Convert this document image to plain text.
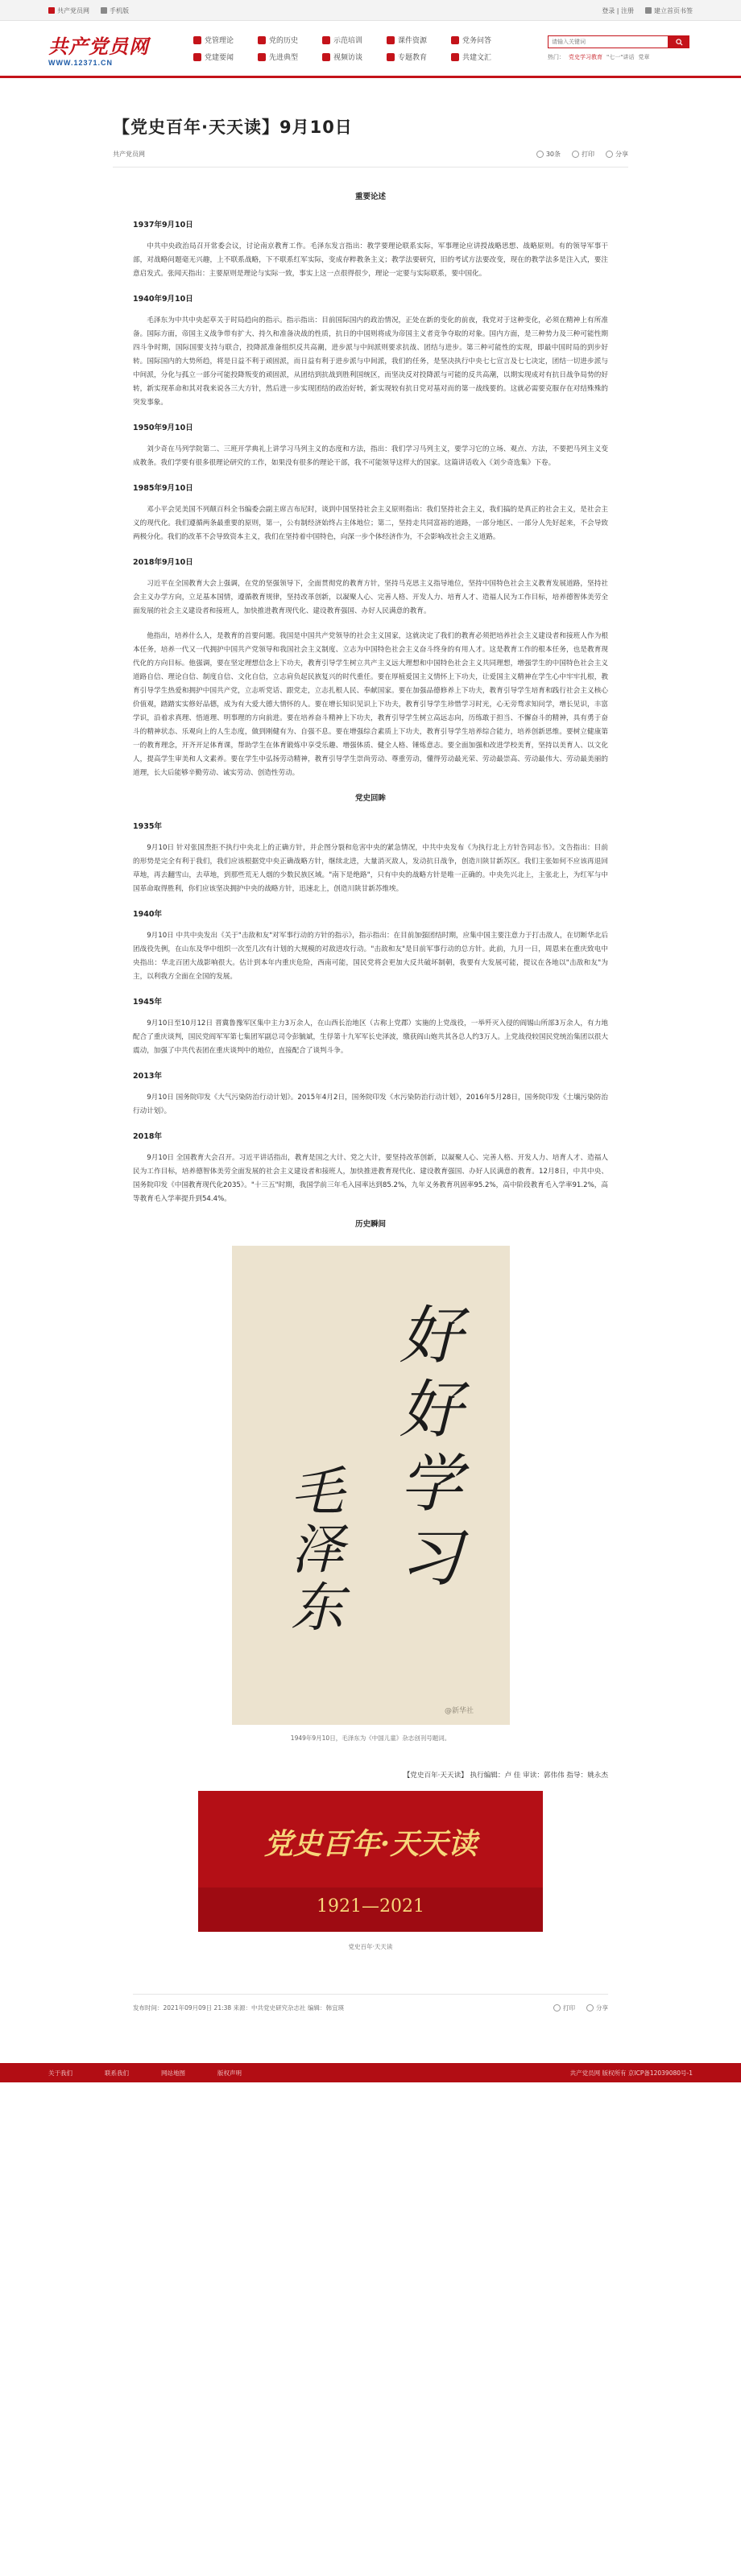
共产党员网	手机版	登录 | 注册	建立首页书签
共产党员网
WWW.12371.CN
党管理论	党的历史	示范培训	课件资源	党务问答
党建要闻	先进典型	视频访谈	专题教育	共建文汇
请输入关键词	热门： 党史学习教育 "七一"讲话 党章
【党史百年·天天读】9月10日
共产党员网	30条	打印	分享
重要论述
1937年9月10日

中共中央政治局召开常委会议，讨论南京教育工作。毛泽东发言指出：教学要理论联系实际，军事理论应讲授战略思想、战略原则。有的领导军事干部，对战略问题毫无兴趣，上不联系战略，下不联系红军实际，变成存粹教条主义；教学法要研究，旧的考试方法要改变，现在的教学法多是注入式，要注意启发式。张闻天指出：主要原则是理论与实际一致，事实上这一点很得很少，理论一定要与实际联系，要中国化。

1940年9月10日

毛泽东为中共中央起草关于时局趋向的指示。指示指出：目前国际国内的政治情况，正处在新的变化的前夜，我党对于这种变化，必须在精神上有所准备。国际方面，帝国主义战争带有扩大、持久和准备决战的性质，抗日的中国则将成为帝国主义者竞争夺取的对象。国内方面，是三种势力及三种可能性期四斗争时期，国际国要支持与联合，投降派准备组织反共高潮，进步派与中间派则要求抗战、团结与进步。第三种可能性的实现，即最中国时局的到步好转。国际国内的大势所趋，将是日益不利于顽固派，而日益有利于进步派与中间派，我们的任务，是坚决执行中央七七宣言及七七决定，团结一切进步派与中间派，分化与孤立一部分可能投降叛变的顽固派，从团结到抗战到胜利国统区，而坚决反对投降派与可能的反共高潮，以期实现成对有抗日战争局势的好转，新实现革命和其对我来说各三大方针，然后进一步实现团结的政治好转，新实现较有抗日党对基对而的第一战线要的。这就必需要克服存在对结殊殊的突发事象。

1950年9月10日

刘少奇在马列学院第二、三班开学典礼上讲学习马列主义的态度和方法，指出：我们学习马列主义，要学习它的立场、观点、方法，不要把马列主义变成教条。我们学要有很多很理论研究的工作，如果没有很多的理论干部，我不可能领导这样大的国家。这篇讲话收入《刘少奇选集》下卷。

1985年9月10日

邓小平会见美国不列颠百科全书编委会副主席吉布尼时，谈到中国坚持社会主义原则指出：我们坚持社会主义，我们搞的是真正的社会主义，是社会主义的现代化。我们遵循两条最重要的原则，第一，公有制经济始终占主体地位；第二，坚持走共同富裕的道路，一部分地区、一部分人先好起来，不会导致两极分化。我们的改革不会导致资本主义，我们在坚持着中国特色，向深一步个体经济作为，不会影响改社会主义道路。

2018年9月10日

习近平在全国教育大会上强调，在党的坚强领导下，全面贯彻党的教育方针，坚持马克思主义指导地位，坚持中国特色社会主义教育发展道路，坚持社会主义办学方向，立足基本国情，遵循教育规律，坚持改革创新，以凝聚人心、完善人格、开发人力、培育人才、造福人民为工作目标，培养德智体美劳全面发展的社会主义建设者和接班人，加快推进教育现代化、建设教育强国、办好人民满意的教育。

他指出，培养什么人，是教育的首要问题。我国是中国共产党领导的社会主义国家，这就决定了我们的教育必须把培养社会主义建设者和接班人作为根本任务，培养一代又一代拥护中国共产党领导和我国社会主义制度、立志为中国特色社会主义奋斗终身的有用人才。这是教育工作的根本任务，也是教育现代化的方向目标。他强调，要在坚定理想信念上下功夫，教育引导学生树立共产主义远大理想和中国特色社会主义共同理想，增强学生的中国特色社会主义道路自信、理论自信、制度自信、文化自信，立志肩负起民族复兴的时代重任。要在厚植爱国主义情怀上下功夫，让爱国主义精神在学生心中牢牢扎根，教育引导学生热爱和拥护中国共产党，立志听党话、跟党走，立志扎根人民、奉献国家。要在加强品德修养上下功夫，教育引导学生培育和践行社会主义核心价值观，踏踏实实修好品德，成为有大爱大德大情怀的人。要在增长知识见识上下功夫，教育引导学生珍惜学习时光，心无旁骛求知问学，增长见识，丰富学识，沿着求真理、悟道理、明事理的方向前进。要在培养奋斗精神上下功夫，教育引导学生树立高远志向，历练敢于担当、不懈奋斗的精神，具有勇于奋斗的精神状态、乐观向上的人生态度，做到刚健有为、自强不息。要在增强综合素质上下功夫，教育引导学生培养综合能力，培养创新思维。要树立健康第一的教育理念，开齐开足体育课，帮助学生在体育锻炼中享受乐趣、增强体质、健全人格、锤炼意志。要全面加强和改进学校美育，坚持以美育人、以文化人，提高学生审美和人文素养。要在学生中弘扬劳动精神，教育引导学生崇尚劳动、尊重劳动，懂得劳动最光荣、劳动最崇高、劳动最伟大、劳动最美丽的道理，长大后能够辛勤劳动、诚实劳动、创造性劳动。

党史回眸
1935年

9月10日 针对张国焘拒不执行中央北上的正确方针，并企图分裂和危害中央的紧急情况，中共中央发布《为执行北上方针告同志书》。文告指出：目前的形势是完全有利于我们，我们应该根据党中央正确战略方针，继续北进，大量消灭敌人，发动抗日战争，创造川陕甘新苏区。我们主张如何不应该再退回草地，再去翻雪山，去草地，到那些荒无人烟的少数民族区域。"南下是绝路"，只有中央的战略方针是唯一正确的。中央先兴北上，主张北上，为红军与中国革命取得胜利，你们应该坚决拥护中央的战略方针，迅速北上，创造川陕甘新苏维埃。

1940年

9月10日 中共中央发出《关于"击敌和友"对军事行动的方针的指示》，指示指出：在目前加强团结时期，应集中国主要注意力于打击敌人，在切断华北后团战役先例，在山东及华中组织一次至几次有计划的大规模的对敌进攻行动。"击敌和友"是目前军事行动的总方针。此前，九月一日，周恩来在重庆致电中央指出：华北百团大战影响很大。估计到本年内重庆危险，西南可能，国民党将会更加大反共破坏制朝，我要有大发展可能，提议在各地以"击敌和友"为主，以利我方全面在全国的发展。

1945年

9月10日至10月12日 晋冀鲁豫军区集中主力3万余人，在山西长治地区（古称上党郡）实施的上党战役，一举歼灭入侵的阎锡山所部3万余人，有力地配合了重庆谈判，国民党阎军军第七集团军副总司令彭毓斌，生俘第十九军军长史泽波，缴获阎山炮共其各总人约3万人。上党战役较国民党统治集团以很大震动，加强了中共代表团在重庆谈判中的地位，直接配合了谈判斗争。

2013年

9月10日 国务院印发《大气污染防治行动计划》。2015年4月2日，国务院印发《水污染防治行动计划》，2016年5月28日，国务院印发《土壤污染防治行动计划》。

2018年

9月10日 全国教育大会召开。习近平讲话指出，教育是国之大计、党之大计，要坚持改革创新，以凝聚人心、完善人格、开发人力、培育人才、造福人民为工作目标，培养德智体美劳全面发展的社会主义建设者和接班人，加快推进教育现代化、建设教育强国、办好人民满意的教育。12月8日，中共中央、国务院印发《中国教育现代化2035》。"十三五"时期，我国学前三年毛入园率达到85.2%，九年义务教育巩固率95.2%，高中阶段教育毛入学率91.2%，高等教育毛入学率提升到54.4%。

历史瞬间
好好学习
毛泽东
@新华社
1949年9月10日，毛泽东为《中国儿童》杂志创刊号题词。
【党史百年·天天读】 执行编辑：卢 佳 审读：郭伟伟 指导：姚永杰
党史百年·天天读
1921—2021
党史百年·天天读
发布时间：2021年09月09日 21:38 来源：中共党史研究杂志社 编辑：韩宜瑛	打印	分享
关于我们	联系我们	网站地图	版权声明	共产党员网 版权所有 京ICP备12039080号-1
